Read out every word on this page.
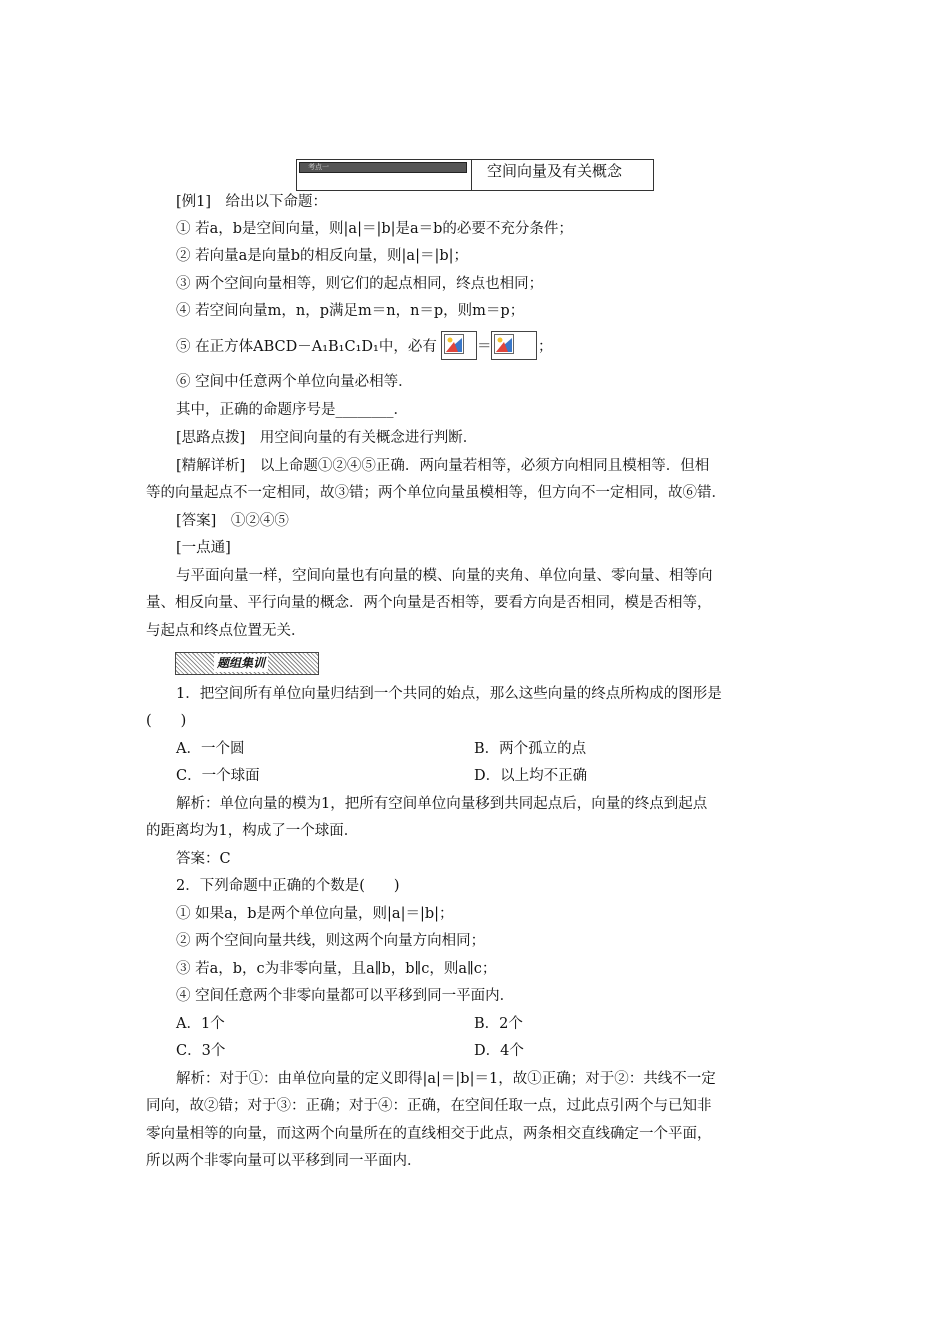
考点一	空间向量及有关概念
[例1]　给出以下命题：
① 若a，b是空间向量，则|a|＝|b|是a＝b的必要不充分条件；
② 若向量a是向量b的相反向量，则|a|＝|b|；
③ 两个空间向量相等，则它们的起点相同，终点也相同；
④ 若空间向量m，n，p满足m＝n，n＝p，则m＝p；
⑤ 在正方体ABCD－A₁B₁C₁D₁中，必有	＝	；
⑥ 空间中任意两个单位向量必相等．
其中，正确的命题序号是________．
[思路点拨]　用空间向量的有关概念进行判断．
[精解详析]　以上命题①②④⑤正确．两向量若相等，必须方向相同且模相等．但相
等的向量起点不一定相同，故③错；两个单位向量虽模相等，但方向不一定相同，故⑥错．
[答案]　①②④⑤
[一点通]
与平面向量一样，空间向量也有向量的模、向量的夹角、单位向量、零向量、相等向
量、相反向量、平行向量的概念．两个向量是否相等，要看方向是否相同，模是否相等，
与起点和终点位置无关．
题组集训
1．把空间所有单位向量归结到一个共同的始点，那么这些向量的终点所构成的图形是
(　　)
A．一个圆	B．两个孤立的点
C．一个球面	D．以上均不正确
解析：单位向量的模为1，把所有空间单位向量移到共同起点后，向量的终点到起点
的距离均为1，构成了一个球面．
答案：C
2．下列命题中正确的个数是(　　)
① 如果a，b是两个单位向量，则|a|＝|b|；
② 两个空间向量共线，则这两个向量方向相同；
③ 若a，b，c为非零向量，且a∥b，b∥c，则a∥c；
④ 空间任意两个非零向量都可以平移到同一平面内．
A．1个	B．2个
C．3个	D．4个
解析：对于①：由单位向量的定义即得|a|＝|b|＝1，故①正确；对于②：共线不一定
同向，故②错；对于③：正确；对于④：正确，在空间任取一点，过此点引两个与已知非
零向量相等的向量，而这两个向量所在的直线相交于此点，两条相交直线确定一个平面，
所以两个非零向量可以平移到同一平面内．
